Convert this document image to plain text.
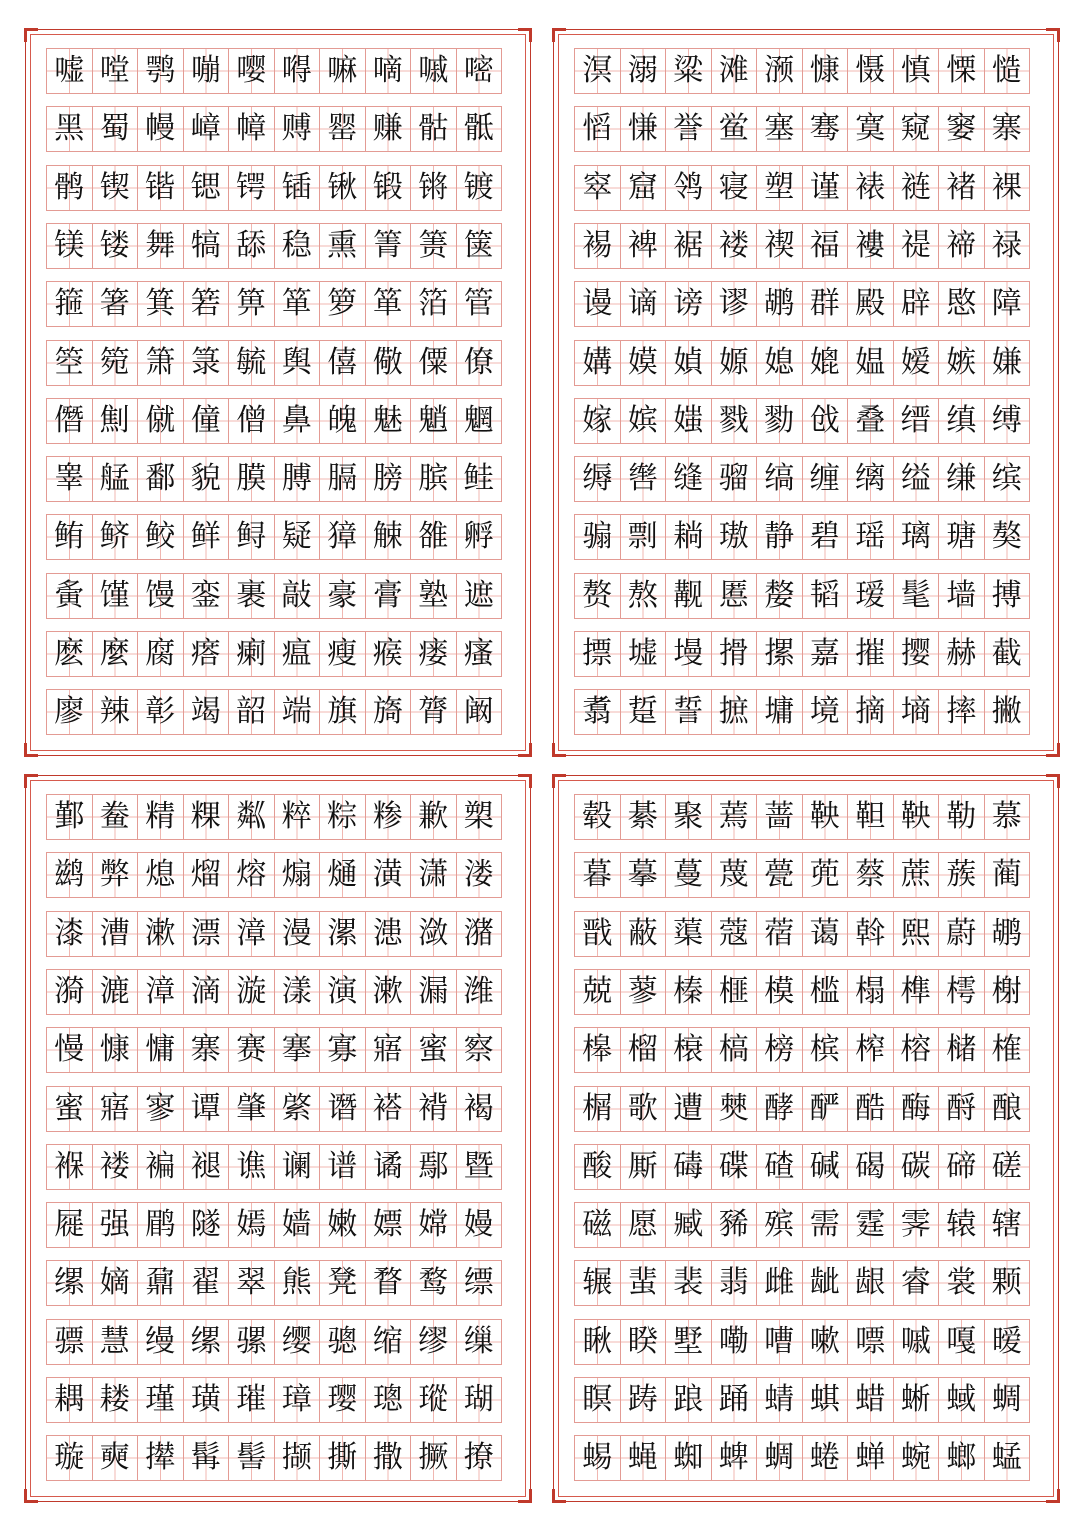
嘘 嘡 鹗 嘣 嘤 嘚 嘛 嘀 嘁 嘧
黑 蜀 幔 嶂 幛 赙 罂 赚 骷 骶
鹘 锲 锴 锶 锷 锸 锹 锻 锵 镀
镁 镂 舞 犒 舔 稳 熏 箐 箦 箧
箍 箸 箕 箬 箅 箪 箩 箪 箔 管
箜 箢 箫 箓 毓 舆 僖 儆 僳 僚
僭 劁 僦 僮 僧 鼻 魄 魅 魈 魍
睾 艋 鄱 貌 膜 膊 膈 膀 膑 鲑
鲔 鲚 鲛 鲜 鲟 疑 獐 觫 雒 孵
夤 馑 馒 銮 裹 敲 豪 膏 塾 遮
麽 麼 腐 瘩 瘌 瘟 瘦 瘊 瘘 瘙
廖 辣 彰 竭 韶 端 旗 旖 膂 阚
溟 溺 粱 滩 滪 慷 慑 慎 慄 慥
慆 慊 誉 鲎 塞 骞 寞 窥 窭 寨
窣 窟 鸰 寝 塑 谨 裱 裢 褚 裸
裼 裨 裾 褛 禊 福 褸 禔 禘 禄
谩 谪 谤 谬 鹕 群 殿 辟 愍 障
媾 嫫 媜 嫄 媳 媲 媪 嫒 嫉 嫌
嫁 嫔 媸 戮 勠 戗 叠 缙 缜 缚
缛 辔 缝 骝 缟 缠 缡 缢 缣 缤
骟 剽 耥 璈 静 碧 瑶 璃 瑭 獒
赘 熬 觏 慝 嫠 韬 瑷 髦 墙 搏
摽 墟 墁 搰 摞 嘉 摧 撄 赫 截
翥 踅 誓 摭 墉 境 摘 墒 摔 撇
鄞 鲞 精 粿 粼 粹 粽 糁 歉 槊
鹚 弊 熄 熘 熔 煽 熥 潢 潇 溇
漆 漕 漱 漂 漳 漫 漯 漶 潋 潴
漪 漉 漳 滴 漩 漾 演 漱 漏 潍
慢 慷 慵 寨 赛 搴 寡 寤 蜜 察
蜜 寤 寥 谭 肇 綮 谮 褡 褙 褐
褓 褛 褊 褪 谯 谰 谱 谲 鄢 暨
屣 强 鹛 隧 嫣 嫱 嫩 嫖 嫦 嫚
缧 嫡 鼐 翟 翠 熊 凳 瞀 鹜 缥
骠 慧 缦 缧 骡 缨 骢 缩 缪 缫
耦 耧 瑾 璜 璀 璋 璎 璁 瑽 瑚
璇 奭 撵 髯 髻 撷 撕 撒 撅 撩
毂 綦 聚 蔫 蔷 鞅 靼 鞅 勒 慕
暮 摹 蔓 蔑 甍 蔸 蔡 蔗 蔟 蔺
戬 蔽 蕖 蔻 蓿 蔼 斡 熙 蔚 鹕
兢 蓼 榛 榧 模 槛 榻 榫 樗 榭
槔 榴 榱 槁 榜 槟 榨 榕 槠 榷
榍 歌 遭 僰 酵 酽 酷 酶 酹 酿
酸 厮 碡 碟 碴 碱 碣 碳 碲 磋
磁 愿 臧 豨 殡 需 霆 霁 辕 辖
辗 蜚 裴 翡 雌 龇 龈 睿 裳 颗
瞅 睽 墅 嘞 嘈 嗽 嘌 嘁 嘎 暧
瞑 踌 踉 踊 蜻 蜞 蜡 蜥 蜮 蜩
蜴 蝇 蜘 蜱 蜩 蜷 蝉 蜿 螂 蜢
